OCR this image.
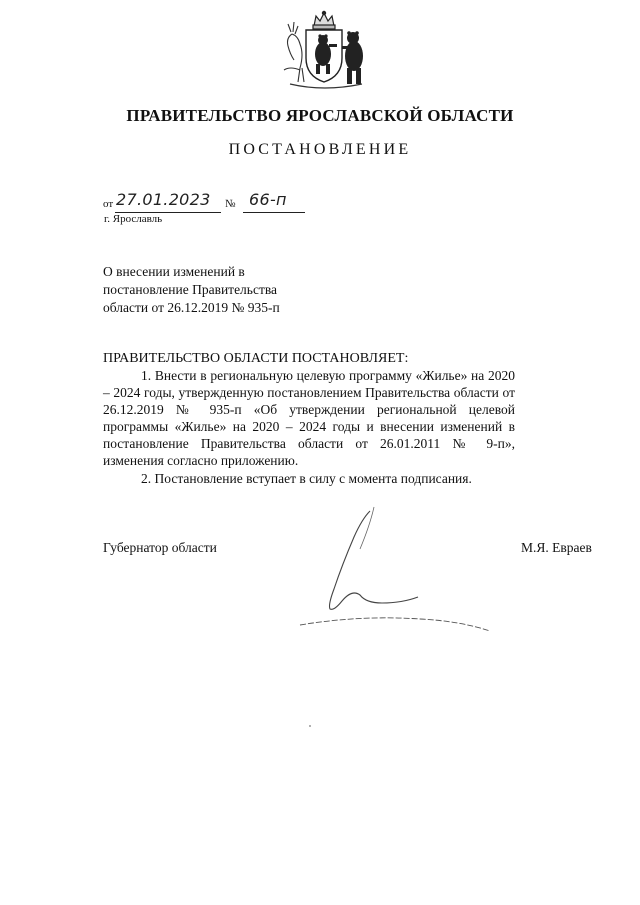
ПРАВИТЕЛЬСТВО ЯРОСЛАВСКОЙ ОБЛАСТИ
ПОСТАНОВЛЕНИЕ
от 27.01.2023 № 66-п
г. Ярославль
О внесении изменений в
постановление Правительства
области от 26.12.2019 № 935-п
ПРАВИТЕЛЬСТВО ОБЛАСТИ ПОСТАНОВЛЯЕТ:

1. Внести в региональную целевую программу «Жилье» на 2020 – 2024 годы, утвержденную постановлением Правительства области от 26.12.2019 № 935-п «Об утверждении региональной целевой программы «Жилье» на 2020 – 2024 годы и внесении изменений в постановление Правительства области от 26.01.2011 № 9-п», изменения согласно приложению.

2. Постановление вступает в силу с момента подписания.

Губернатор области	М.Я. Евраев
